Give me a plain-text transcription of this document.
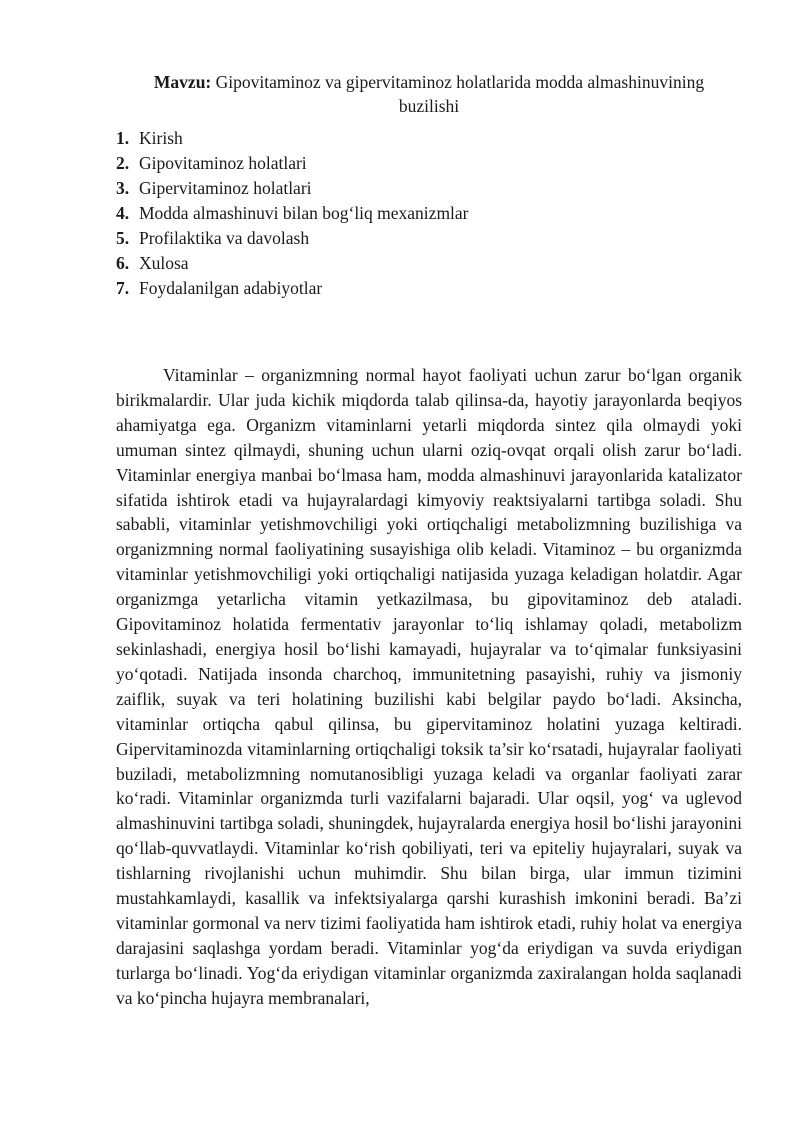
Mavzu: Gipovitaminoz va gipervitaminoz holatlarida modda almashinuvining buzilishi

1. Kirish
2. Gipovitaminoz holatlari
3. Gipervitaminoz holatlari
4. Modda almashinuvi bilan bog‘liq mexanizmlar
5. Profilaktika va davolash
6. Xulosa
7. Foydalanilgan adabiyotlar

Vitaminlar – organizmning normal hayot faoliyati uchun zarur bo‘lgan organik birikmalardir. Ular juda kichik miqdorda talab qilinsa-da, hayotiy jarayonlarda beqiyos ahamiyatga ega. Organizm vitaminlarni yetarli miqdorda sintez qila olmaydi yoki umuman sintez qilmaydi, shuning uchun ularni oziq-ovqat orqali olish zarur bo‘ladi. Vitaminlar energiya manbai bo‘lmasa ham, modda almashinuvi jarayonlarida katalizator sifatida ishtirok etadi va hujayralardagi kimyoviy reaktsiyalarni tartibga soladi. Shu sababli, vitaminlar yetishmovchiligi yoki ortiqchaligi metabolizmning buzilishiga va organizmning normal faoliyatining susayishiga olib keladi. Vitaminoz – bu organizmda vitaminlar yetishmovchiligi yoki ortiqchaligi natijasida yuzaga keladigan holatdir. Agar organizmga yetarlicha vitamin yetkazilmasa, bu gipovitaminoz deb ataladi. Gipovitaminoz holatida fermentativ jarayonlar to‘liq ishlamay qoladi, metabolizm sekinlashadi, energiya hosil bo‘lishi kamayadi, hujayralar va to‘qimalar funksiyasini yo‘qotadi. Natijada insonda charchoq, immunitetning pasayishi, ruhiy va jismoniy zaiflik, suyak va teri holatining buzilishi kabi belgilar paydo bo‘ladi. Aksincha, vitaminlar ortiqcha qabul qilinsa, bu gipervitaminoz holatini yuzaga keltiradi. Gipervitaminozda vitaminlarning ortiqchaligi toksik ta’sir ko‘rsatadi, hujayralar faoliyati buziladi, metabolizmning nomutanosibligi yuzaga keladi va organlar faoliyati zarar ko‘radi. Vitaminlar organizmda turli vazifalarni bajaradi. Ular oqsil, yog‘ va uglevod almashinuvini tartibga soladi, shuningdek, hujayralarda energiya hosil bo‘lishi jarayonini qo‘llab-quvvatlaydi. Vitaminlar ko‘rish qobiliyati, teri va epiteliy hujayralari, suyak va tishlarning rivojlanishi uchun muhimdir. Shu bilan birga, ular immun tizimini mustahkamlaydi, kasallik va infektsiyalarga qarshi kurashish imkonini beradi. Ba’zi vitaminlar gormonal va nerv tizimi faoliyatida ham ishtirok etadi, ruhiy holat va energiya darajasini saqlashga yordam beradi. Vitaminlar yog‘da eriydigan va suvda eriydigan turlarga bo‘linadi. Yog‘da eriydigan vitaminlar organizmda zaxiralangan holda saqlanadi va ko‘pincha hujayra membranalari,
